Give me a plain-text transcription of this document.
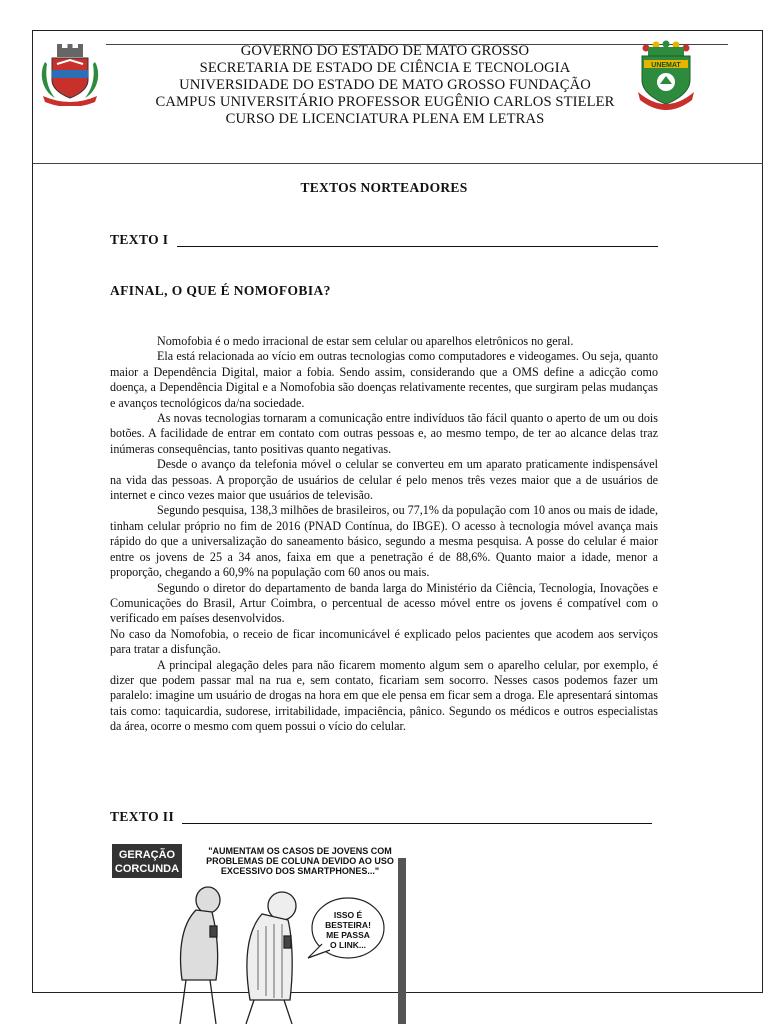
GOVERNO DO ESTADO DE MATO GROSSO
SECRETARIA DE ESTADO DE CIÊNCIA E TECNOLOGIA
UNIVERSIDADE DO ESTADO DE MATO GROSSO FUNDAÇÃO
CAMPUS UNIVERSITÁRIO PROFESSOR EUGÊNIO CARLOS STIELER
CURSO DE LICENCIATURA PLENA EM LETRAS
UNEMAT
TEXTOS NORTEADORES
TEXTO I
AFINAL, O QUE É NOMOFOBIA?

Nomofobia é o medo irracional de estar sem celular ou aparelhos eletrônicos no geral.

Ela está relacionada ao vício em outras tecnologias como computadores e videogames. Ou seja, quanto maior a Dependência Digital, maior a fobia. Sendo assim, considerando que a OMS define a adicção como doença, a Dependência Digital e a Nomofobia são doenças relativamente recentes, que surgiram pelas mudanças e avanços tecnológicos da/na sociedade.

As novas tecnologias tornaram a comunicação entre indivíduos tão fácil quanto o aperto de um ou dois botões. A facilidade de entrar em contato com outras pessoas e, ao mesmo tempo, de ter ao alcance delas traz inúmeras consequências, tanto positivas quanto negativas.

Desde o avanço da telefonia móvel o celular se converteu em um aparato praticamente indispensável na vida das pessoas. A proporção de usuários de celular é pelo menos três vezes maior que a de usuários de internet e cinco vezes maior que usuários de televisão.

Segundo pesquisa, 138,3 milhões de brasileiros, ou 77,1% da população com 10 anos ou mais de idade, tinham celular próprio no fim de 2016 (PNAD Contínua, do IBGE). O acesso à tecnologia móvel avança mais rápido do que a universalização do saneamento básico, segundo a mesma pesquisa. A posse do celular é maior entre os jovens de 25 a 34 anos, faixa em que a penetração é de 88,6%. Quanto maior a idade, menor a proporção, chegando a 60,9% na população com 60 anos ou mais.

Segundo o diretor do departamento de banda larga do Ministério da Ciência, Tecnologia, Inovações e Comunicações do Brasil, Artur Coimbra, o percentual de acesso móvel entre os jovens é compatível com o verificado em países desenvolvidos.

No caso da Nomofobia, o receio de ficar incomunicável é explicado pelos pacientes que acodem aos serviços para tratar a disfunção.

A principal alegação deles para não ficarem momento algum sem o aparelho celular, por exemplo, é dizer que podem passar mal na rua e, sem contato, ficariam sem socorro. Nesses casos podemos fazer um paralelo: imagine um usuário de drogas na hora em que ele pensa em ficar sem a droga. Ele apresentará sintomas tais como: taquicardia, sudorese, irritabilidade, impaciência, pânico. Segundo os médicos e outros especialistas da área, ocorre o mesmo com quem possui o vício do celular.

TEXTO II
GERAÇÃO
CORCUNDA
"AUMENTAM OS CASOS DE JOVENS COM
PROBLEMAS DE COLUNA DEVIDO AO USO
EXCESSIVO DOS SMARTPHONES..."
ISSO É
BESTEIRA!
ME PASSA
O LINK...
